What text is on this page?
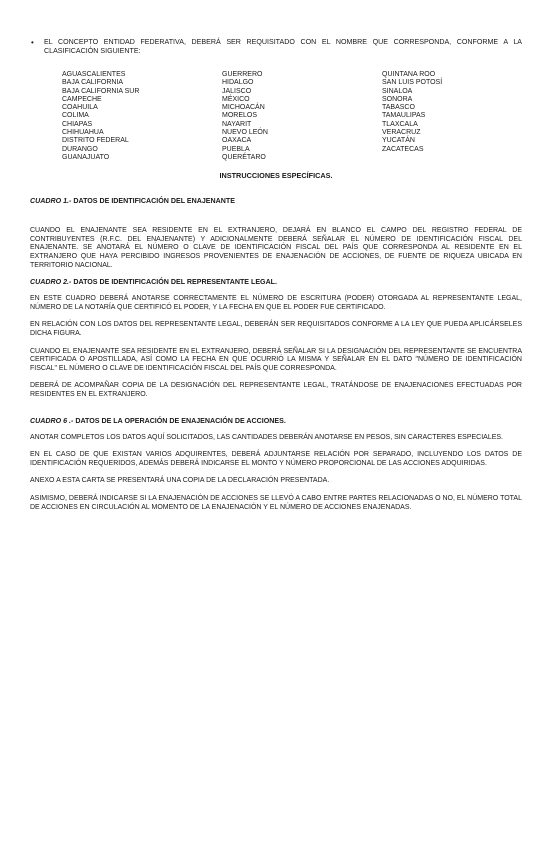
• EL CONCEPTO ENTIDAD FEDERATIVA, DEBERÁ SER REQUISITADO CON EL NOMBRE QUE CORRESPONDA, CONFORME A LA CLASIFICACIÓN SIGUIENTE:
AGUASCALIENTES
BAJA CALIFORNIA
BAJA CALIFORNIA SUR
CAMPECHE
COAHUILA
COLIMA
CHIAPAS
CHIHUAHUA
DISTRITO FEDERAL
DURANGO
GUANAJUATO
GUERRERO
HIDALGO
JALISCO
MÉXICO
MICHOACÁN
MORELOS
NAYARIT
NUEVO LEÓN
OAXACA
PUEBLA
QUERÉTARO
QUINTANA ROO
SAN LUIS POTOSÍ
SINALOA
SONORA
TABASCO
TAMAULIPAS
TLAXCALA
VERACRUZ
YUCATÁN
ZACATECAS
INSTRUCCIONES ESPECÍFICAS.
CUADRO 1.- DATOS DE IDENTIFICACIÓN DEL ENAJENANTE
CUANDO EL ENAJENANTE SEA RESIDENTE EN EL EXTRANJERO, DEJARÁ EN BLANCO EL CAMPO DEL REGISTRO FEDERAL DE CONTRIBUYENTES (R.F.C. DEL ENAJENANTE) Y ADICIONALMENTE DEBERÁ SEÑALAR EL NÚMERO DE IDENTIFICACIÓN FISCAL DEL ENAJENANTE. SE ANOTARÁ EL NÚMERO O CLAVE DE IDENTIFICACIÓN FISCAL DEL PAÍS QUE CORRESPONDA AL RESIDENTE EN EL EXTRANJERO QUE HAYA PERCIBIDO INGRESOS PROVENIENTES DE ENAJENACIÓN DE ACCIONES, DE FUENTE DE RIQUEZA UBICADA EN TERRITORIO NACIONAL.
CUADRO 2.- DATOS DE IDENTIFICACIÓN DEL REPRESENTANTE LEGAL.
EN ESTE CUADRO DEBERÁ ANOTARSE CORRECTAMENTE EL NÚMERO DE ESCRITURA (PODER) OTORGADA AL REPRESENTANTE LEGAL, NÚMERO DE LA NOTARÍA QUE CERTIFICÓ EL PODER, Y LA FECHA EN QUE EL PODER FUE CERTIFICADO.
EN RELACIÓN CON LOS DATOS DEL REPRESENTANTE LEGAL, DEBERÁN SER REQUISITADOS CONFORME A LA LEY QUE PUEDA APLICÁRSELES DICHA FIGURA.
CUANDO EL ENAJENANTE SEA RESIDENTE EN EL EXTRANJERO, DEBERÁ SEÑALAR SI LA DESIGNACIÓN DEL REPRESENTANTE SE ENCUENTRA CERTIFICADA O APOSTILLADA, ASÍ COMO LA FECHA EN QUE OCURRIÓ LA MISMA Y SEÑALAR EN EL DATO "NÚMERO DE IDENTIFICACIÓN FISCAL" EL NÚMERO O CLAVE DE IDENTIFICACIÓN FISCAL DEL PAÍS QUE CORRESPONDA.
DEBERÁ DE ACOMPAÑAR COPIA DE LA DESIGNACIÓN DEL REPRESENTANTE LEGAL, TRATÁNDOSE DE ENAJENACIONES EFECTUADAS POR RESIDENTES EN EL EXTRANJERO.
CUADRO 6 .- DATOS DE LA OPERACIÓN DE ENAJENACIÓN DE ACCIONES.
ANOTAR COMPLETOS LOS DATOS AQUÍ SOLICITADOS, LAS CANTIDADES DEBERÁN ANOTARSE EN PESOS, SIN CARACTERES ESPECIALES.
EN EL CASO DE QUE EXISTAN VARIOS ADQUIRENTES, DEBERÁ ADJUNTARSE RELACIÓN POR SEPARADO, INCLUYENDO LOS DATOS DE IDENTIFICACIÓN REQUERIDOS, ADEMÁS DEBERÁ INDICARSE EL MONTO Y NÚMERO PROPORCIONAL DE LAS ACCIONES ADQUIRIDAS.
ANEXO A ESTA CARTA SE PRESENTARÁ UNA COPIA DE LA DECLARACIÓN PRESENTADA.
ASIMISMO, DEBERÁ INDICARSE SI LA ENAJENACIÓN DE ACCIONES SE LLEVÓ A CABO ENTRE PARTES RELACIONADAS O NO, EL NÚMERO TOTAL DE ACCIONES EN CIRCULACIÓN AL MOMENTO DE LA ENAJENACIÓN Y EL NÚMERO DE ACCIONES ENAJENADAS.
